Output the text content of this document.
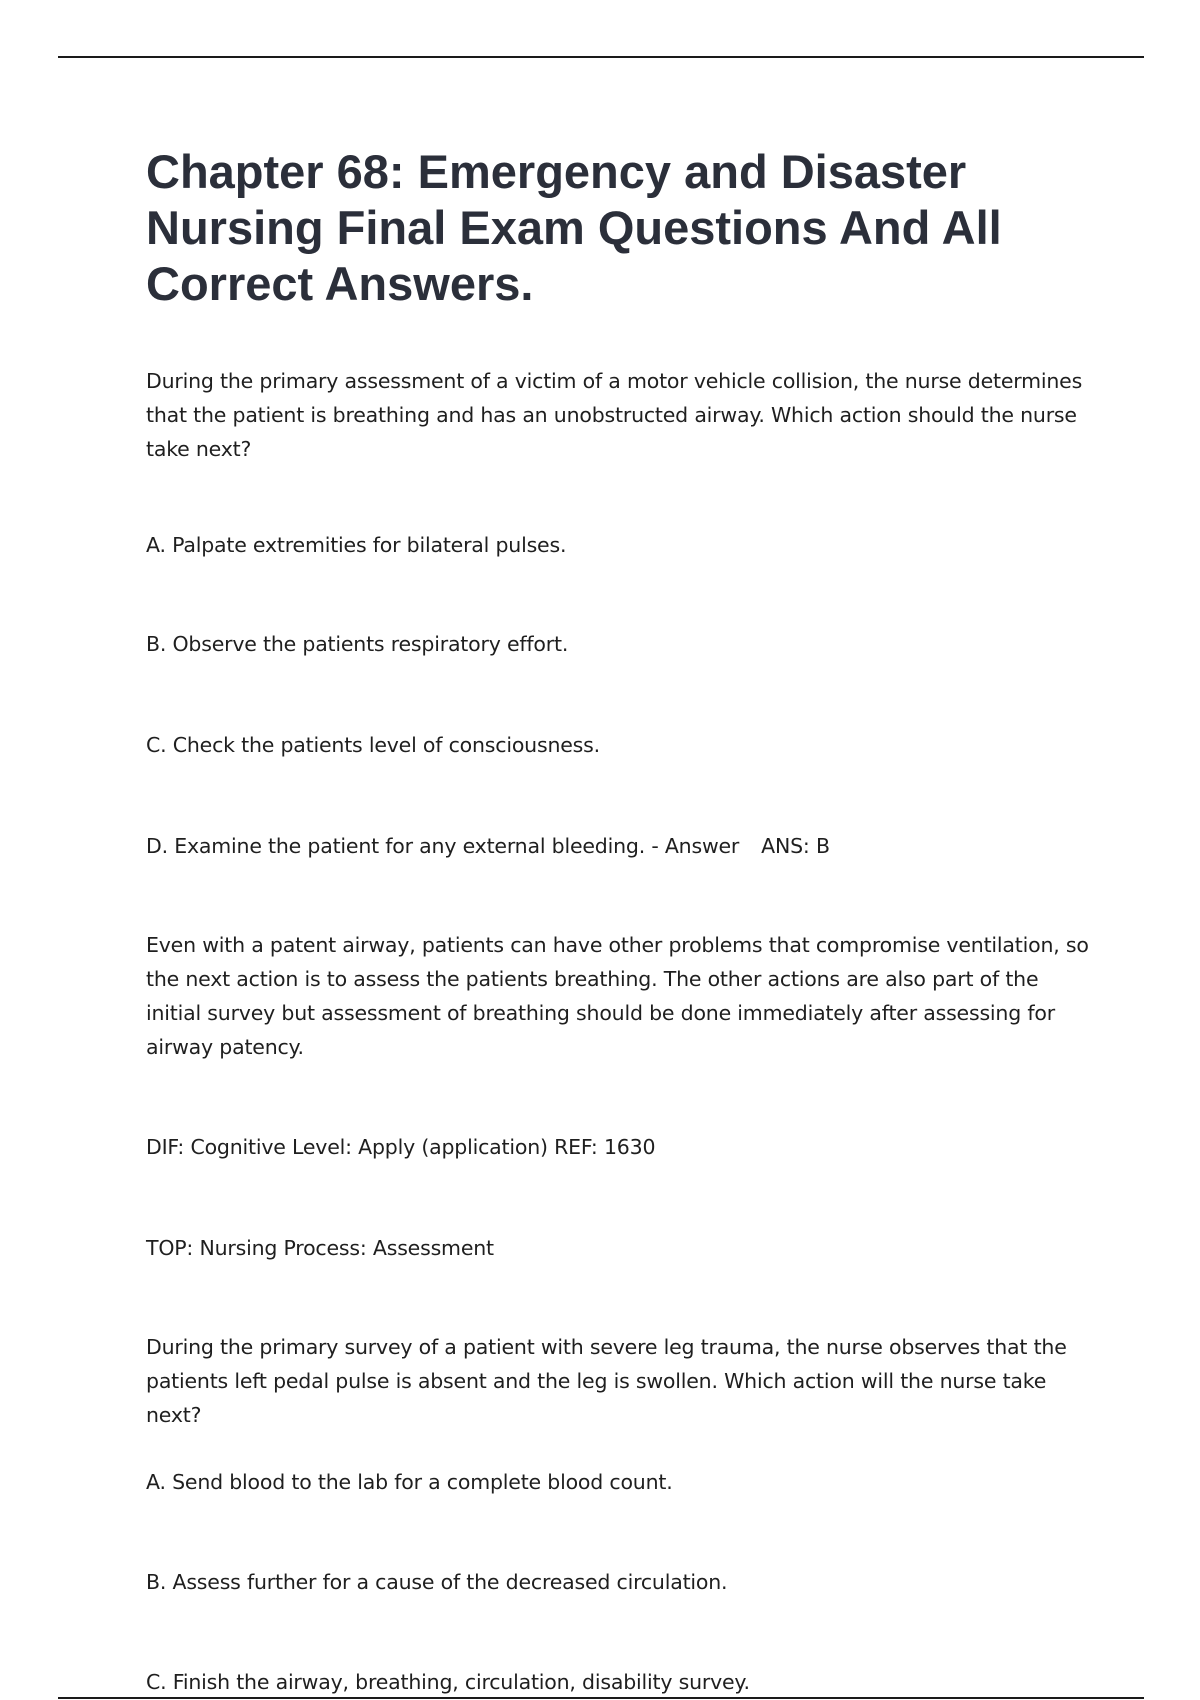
Chapter 68: Emergency and Disaster Nursing Final Exam Questions And All Correct Answers.

During the primary assessment of a victim of a motor vehicle collision, the nurse determines that the patient is breathing and has an unobstructed airway. Which action should the nurse take next?

A. Palpate extremities for bilateral pulses.

B. Observe the patients respiratory effort.

C. Check the patients level of consciousness.

D. Examine the patient for any external bleeding. - Answer ANS: B

Even with a patent airway, patients can have other problems that compromise ventilation, so the next action is to assess the patients breathing. The other actions are also part of the initial survey but assessment of breathing should be done immediately after assessing for airway patency.

DIF: Cognitive Level: Apply (application) REF: 1630

TOP: Nursing Process: Assessment

During the primary survey of a patient with severe leg trauma, the nurse observes that the patients left pedal pulse is absent and the leg is swollen. Which action will the nurse take next?

A. Send blood to the lab for a complete blood count.

B. Assess further for a cause of the decreased circulation.

C. Finish the airway, breathing, circulation, disability survey.
